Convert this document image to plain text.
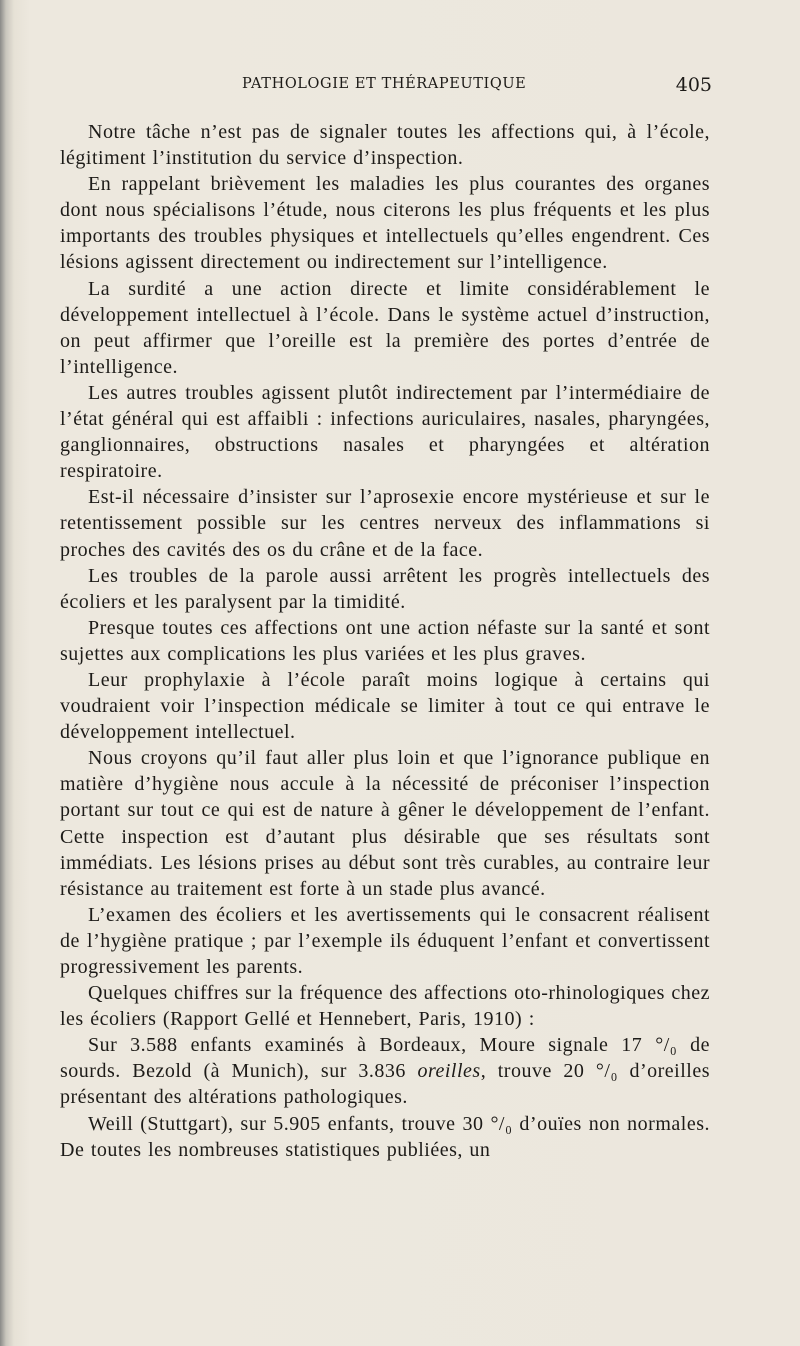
PATHOLOGIE ET THÉRAPEUTIQUE	405

Notre tâche n’est pas de signaler toutes les affections qui, à l’école, légitiment l’institution du service d’inspection.

En rappelant brièvement les maladies les plus courantes des organes dont nous spécialisons l’étude, nous citerons les plus fréquents et les plus importants des troubles physiques et intellectuels qu’elles engendrent. Ces lésions agissent directement ou indirectement sur l’intelligence.

La surdité a une action directe et limite considérablement le développement intellectuel à l’école. Dans le système actuel d’instruction, on peut affirmer que l’oreille est la première des portes d’entrée de l’intelligence.

Les autres troubles agissent plutôt indirectement par l’intermédiaire de l’état général qui est affaibli : infections auriculaires, nasales, pharyngées, ganglionnaires, obstructions nasales et pharyngées et altération respiratoire.

Est-il nécessaire d’insister sur l’aprosexie encore mystérieuse et sur le retentissement possible sur les centres nerveux des inflammations si proches des cavités des os du crâne et de la face.

Les troubles de la parole aussi arrêtent les progrès intellectuels des écoliers et les paralysent par la timidité.

Presque toutes ces affections ont une action néfaste sur la santé et sont sujettes aux complications les plus variées et les plus graves.

Leur prophylaxie à l’école paraît moins logique à certains qui voudraient voir l’inspection médicale se limiter à tout ce qui entrave le développement intellectuel.

Nous croyons qu’il faut aller plus loin et que l’ignorance publique en matière d’hygiène nous accule à la nécessité de préconiser l’inspection portant sur tout ce qui est de nature à gêner le développement de l’enfant. Cette inspection est d’autant plus désirable que ses résultats sont immédiats. Les lésions prises au début sont très curables, au contraire leur résistance au traitement est forte à un stade plus avancé.

L’examen des écoliers et les avertissements qui le consacrent réalisent de l’hygiène pratique ; par l’exemple ils éduquent l’enfant et convertissent progressivement les parents.

Quelques chiffres sur la fréquence des affections oto-rhinologiques chez les écoliers (Rapport Gellé et Hennebert, Paris, 1910) :

Sur 3.588 enfants examinés à Bordeaux, Moure signale 17 °/₀ de sourds. Bezold (à Munich), sur 3.836 oreilles, trouve 20 °/₀ d’oreilles présentant des altérations pathologiques.

Weill (Stuttgart), sur 5.905 enfants, trouve 30 °/₀ d’ouïes non normales. De toutes les nombreuses statistiques publiées, un
